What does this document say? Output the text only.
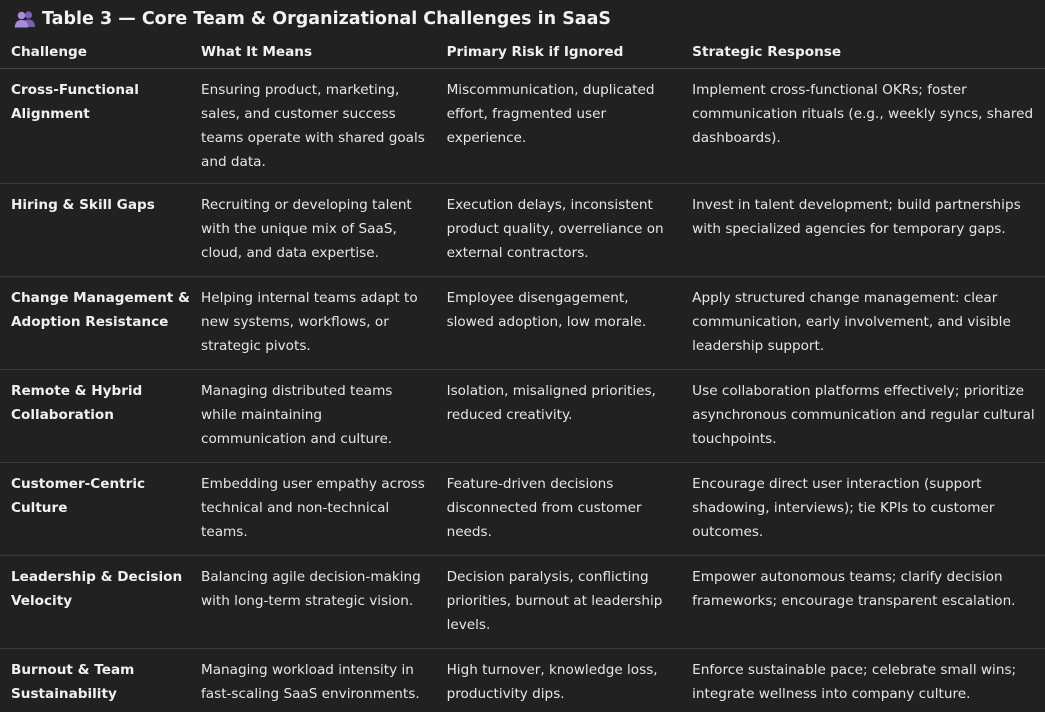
Table 3 — Core Team & Organizational Challenges in SaaS
Challenge	What It Means	Primary Risk if Ignored	Strategic Response
Cross-Functional Alignment	Ensuring product, marketing, sales, and customer success teams operate with shared goals and data.	Miscommunication, duplicated effort, fragmented user experience.	Implement cross-functional OKRs; foster communication rituals (e.g., weekly syncs, shared dashboards).
Hiring & Skill Gaps	Recruiting or developing talent with the unique mix of SaaS, cloud, and data expertise.	Execution delays, inconsistent product quality, overreliance on external contractors.	Invest in talent development; build partnerships with specialized agencies for temporary gaps.
Change Management & Adoption Resistance	Helping internal teams adapt to new systems, workflows, or strategic pivots.	Employee disengagement, slowed adoption, low morale.	Apply structured change management: clear communication, early involvement, and visible leadership support.
Remote & Hybrid Collaboration	Managing distributed teams while maintaining communication and culture.	Isolation, misaligned priorities, reduced creativity.	Use collaboration platforms effectively; prioritize asynchronous communication and regular cultural touchpoints.
Customer-Centric Culture	Embedding user empathy across technical and non-technical teams.	Feature-driven decisions disconnected from customer needs.	Encourage direct user interaction (support shadowing, interviews); tie KPIs to customer outcomes.
Leadership & Decision Velocity	Balancing agile decision-making with long-term strategic vision.	Decision paralysis, conflicting priorities, burnout at leadership levels.	Empower autonomous teams; clarify decision frameworks; encourage transparent escalation.
Burnout & Team Sustainability	Managing workload intensity in fast-scaling SaaS environments.	High turnover, knowledge loss, productivity dips.	Enforce sustainable pace; celebrate small wins; integrate wellness into company culture.
